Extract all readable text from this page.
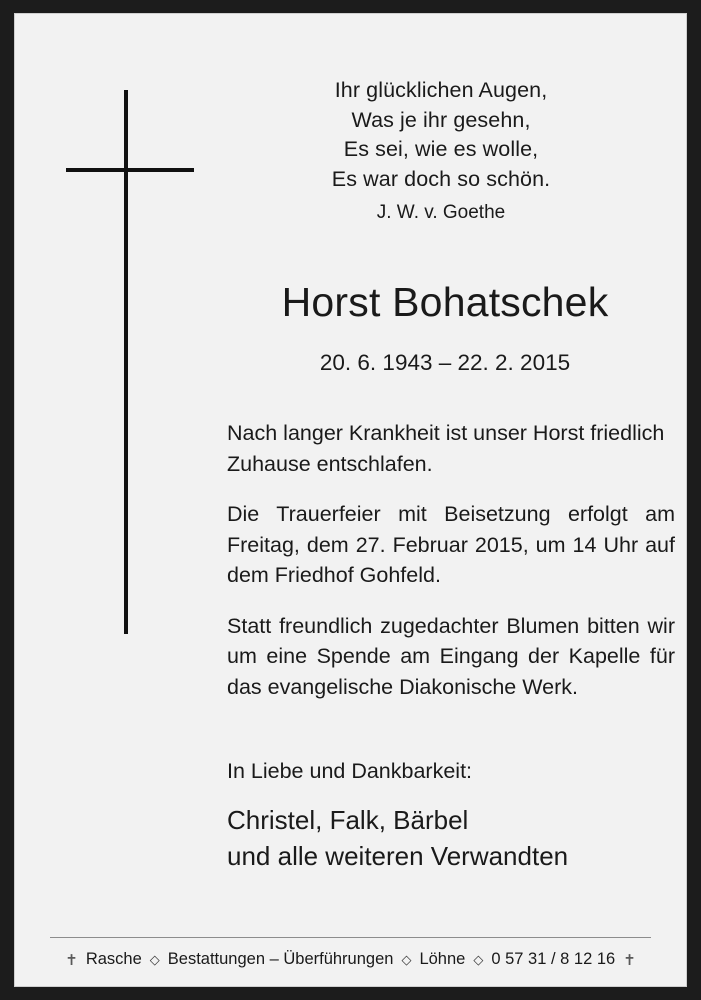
Ihr glücklichen Augen,
Was je ihr gesehn,
Es sei, wie es wolle,
Es war doch so schön.
J. W. v. Goethe
Horst Bohatschek
20. 6. 1943 – 22. 2. 2015

Nach langer Krankheit ist unser Horst friedlich Zuhause entschlafen.

Die Trauerfeier mit Beisetzung erfolgt am Freitag, dem 27. Februar 2015, um 14 Uhr auf dem Friedhof Gohfeld.

Statt freundlich zugedachter Blumen bitten wir um eine Spende am Eingang der Kapelle für das evangelische Diakonische Werk.

In Liebe und Dankbarkeit:
Christel, Falk, Bärbel
und alle weiteren Verwandten
✝ Rasche ◇ Bestattungen – Überführungen ◇ Löhne ◇ 0 57 31 / 8 12 16 ✝
